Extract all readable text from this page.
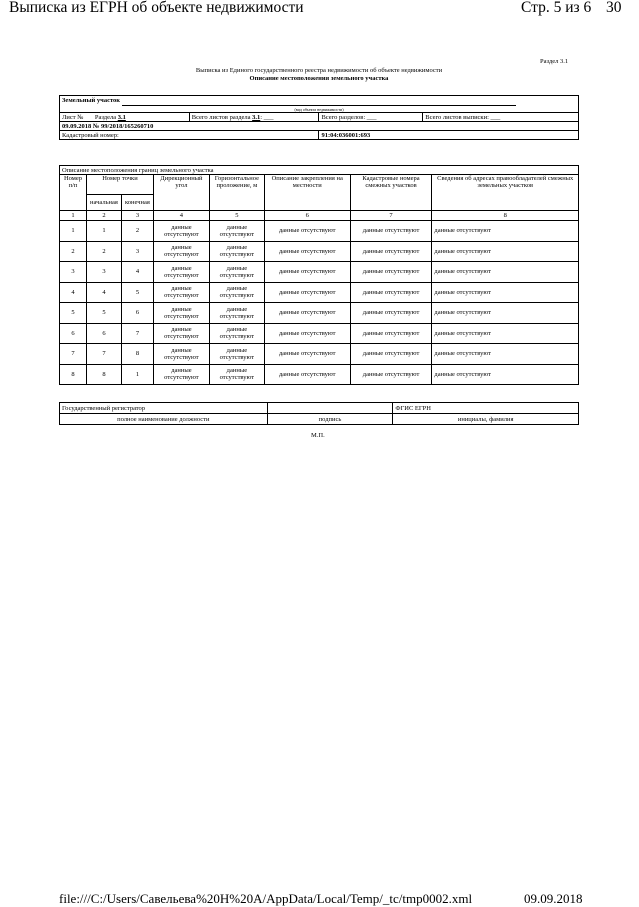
Выписка из ЕГРН об объекте недвижимости	Стр. 5 из 6 30
Раздел 3.1
Выписка из Единого государственного реестра недвижимости об объекте недвижимости
Описание местоположения земельного участка
Земельный участок
(вид объекта недвижимости)			

Лист № Раздела 3.1	Всего листов раздела 3.1: ___	Всего разделов: ___	Всего листов выписки: ___
09.09.2018 № 99/2018/165260710			
Кадастровый номер:		91:04:036001:693	
Описание местоположения границ земельного участка							
Номер п/п	Номер точки		Дирекционный угол	Горизонтальное проложение, м	Описание закрепления на местности	Кадастровые номера смежных участков	Сведения об адресах правообладателей смежных земельных участков
	начальная	конечная					
1	2	3	4	5	6	7	8
1	1	2	данные отсутствуют	данные отсутствуют	данные отсутствуют	данные отсутствуют	данные отсутствуют
2	2	3	данные отсутствуют	данные отсутствуют	данные отсутствуют	данные отсутствуют	данные отсутствуют
3	3	4	данные отсутствуют	данные отсутствуют	данные отсутствуют	данные отсутствуют	данные отсутствуют
4	4	5	данные отсутствуют	данные отсутствуют	данные отсутствуют	данные отсутствуют	данные отсутствуют
5	5	6	данные отсутствуют	данные отсутствуют	данные отсутствуют	данные отсутствуют	данные отсутствуют
6	6	7	данные отсутствуют	данные отсутствуют	данные отсутствуют	данные отсутствуют	данные отсутствуют
7	7	8	данные отсутствуют	данные отсутствуют	данные отсутствуют	данные отсутствуют	данные отсутствуют
8	8	1	данные отсутствуют	данные отсутствуют	данные отсутствуют	данные отсутствуют	данные отсутствуют
Государственный регистратор		ФГИС ЕГРН
полное наименование должности	подпись	инициалы, фамилия
М.П.
file:///C:/Users/Савельева%20Н%20А/AppData/Local/Temp/_tc/tmp0002.xml	09.09.2018
